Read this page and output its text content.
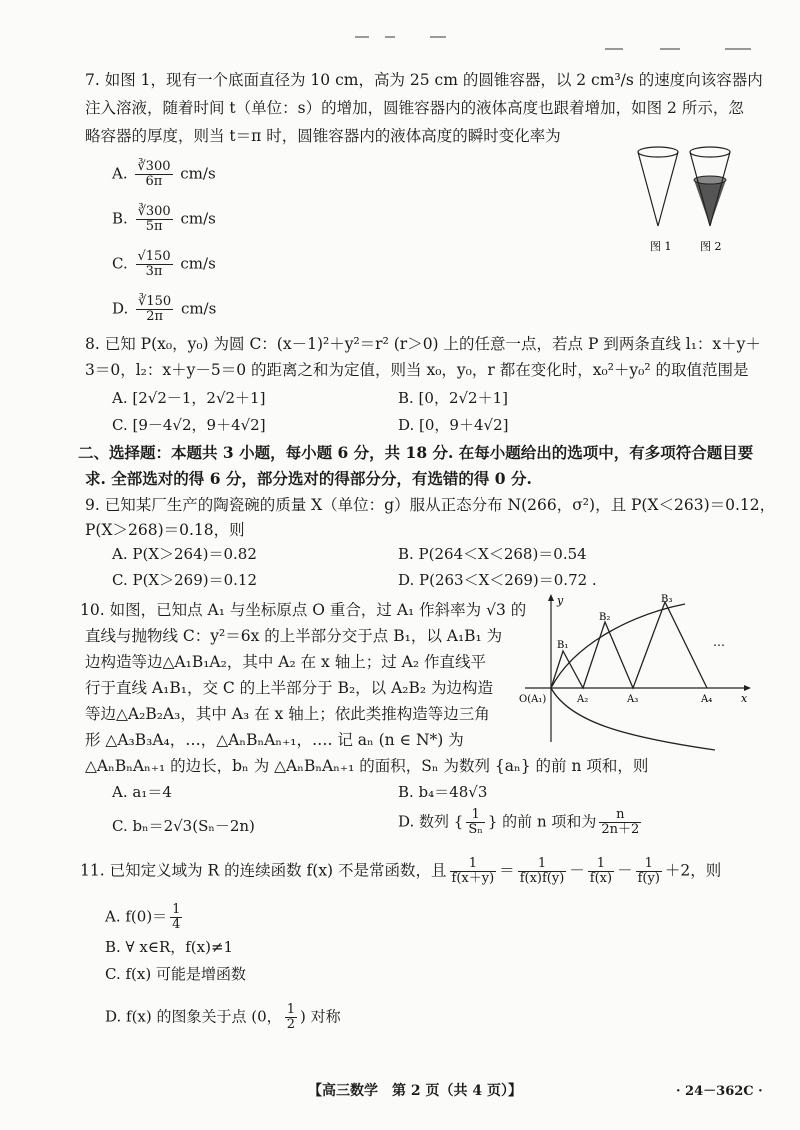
7. 如图 1，现有一个底面直径为 10 cm，高为 25 cm 的圆锥容器，以 2 cm³/s 的速度向该容器内
注入溶液，随着时间 t（单位：s）的增加，圆锥容器内的液体高度也跟着增加，如图 2 所示，忽
略容器的厚度，则当 t＝π 时，圆锥容器内的液体高度的瞬时变化率为
A. $\frac{∛300}{6\pi} cm/s$
B. $\frac{∛300}{5\pi} cm/s$
C. $\frac{√150}{3\pi} cm/s$
D. $\frac{∛150}{2\pi} cm/s$
图 1	图 2
8. 已知 P(x₀，y₀) 为圆 C：(x－1)²＋y²＝r² (r＞0) 上的任意一点，若点 P 到两条直线 l₁：x＋y＋
3＝0，l₂：x＋y－5＝0 的距离之和为定值，则当 x₀，y₀，r 都在变化时，x₀²＋y₀² 的取值范围是
A. [2√2－1，2√2＋1]	B. [0，2√2＋1]
C. [9－4√2，9＋4√2]	D. [0，9＋4√2]
二、选择题：本题共 3 小题，每小题 6 分，共 18 分. 在每小题给出的选项中，有多项符合题目要
求. 全部选对的得 6 分，部分选对的得部分分，有选错的得 0 分.
9. 已知某厂生产的陶瓷碗的质量 X（单位：g）服从正态分布 N(266，σ²)，且 P(X＜263)＝0.12，
P(X＞268)＝0.18，则
A. P(X＞264)＝0.82	B. P(264＜X＜268)＝0.54
C. P(X＞269)＝0.12	D. P(263＜X＜269)＝0.72 .
10. 如图，已知点 A₁ 与坐标原点 O 重合，过 A₁ 作斜率为 √3 的
直线与抛物线 C：y²＝6x 的上半部分交于点 B₁，以 A₁B₁ 为
边构造等边△A₁B₁A₂，其中 A₂ 在 x 轴上；过 A₂ 作直线平
行于直线 A₁B₁，交 C 的上半部分于 B₂，以 A₂B₂ 为边构造
等边△A₂B₂A₃，其中 A₃ 在 x 轴上；依此类推构造等边三角
形 △A₃B₃A₄，…，△AₙBₙAₙ₊₁，…. 记 aₙ (n ∈ N*) 为
△AₙBₙAₙ₊₁ 的边长，bₙ 为 △AₙBₙAₙ₊₁ 的面积，Sₙ 为数列 {aₙ} 的前 n 项和，则
y
x
O(A₁)	A₂	A₃	A₄
B₁
B₂
B₃
…
A. a₁＝4	B. b₄＝48√3
C. bₙ＝2√3(Sₙ－2n)	D. 数列 { $\frac{1}{\text{Sₙ}}$ } 的前 n 项和为 $\frac{n}{2n+2}$
11. 已知定义域为 R 的连续函数 f(x) 不是常函数，且 $\frac{1}{f(x+y)} = \frac{1}{f(x)f(y)} - \frac{1}{f(x)} - \frac{1}{f(y)} +2$，则
A. $f(0)= \frac{1}{4}$
B. ∀ x∈R，f(x)≠1
C. f(x) 可能是增函数
D. f(x) 的图象关于点 (0， $\frac{1}{2}$ ) 对称
【高三数学　第 2 页（共 4 页）】	· 24－362C ·
